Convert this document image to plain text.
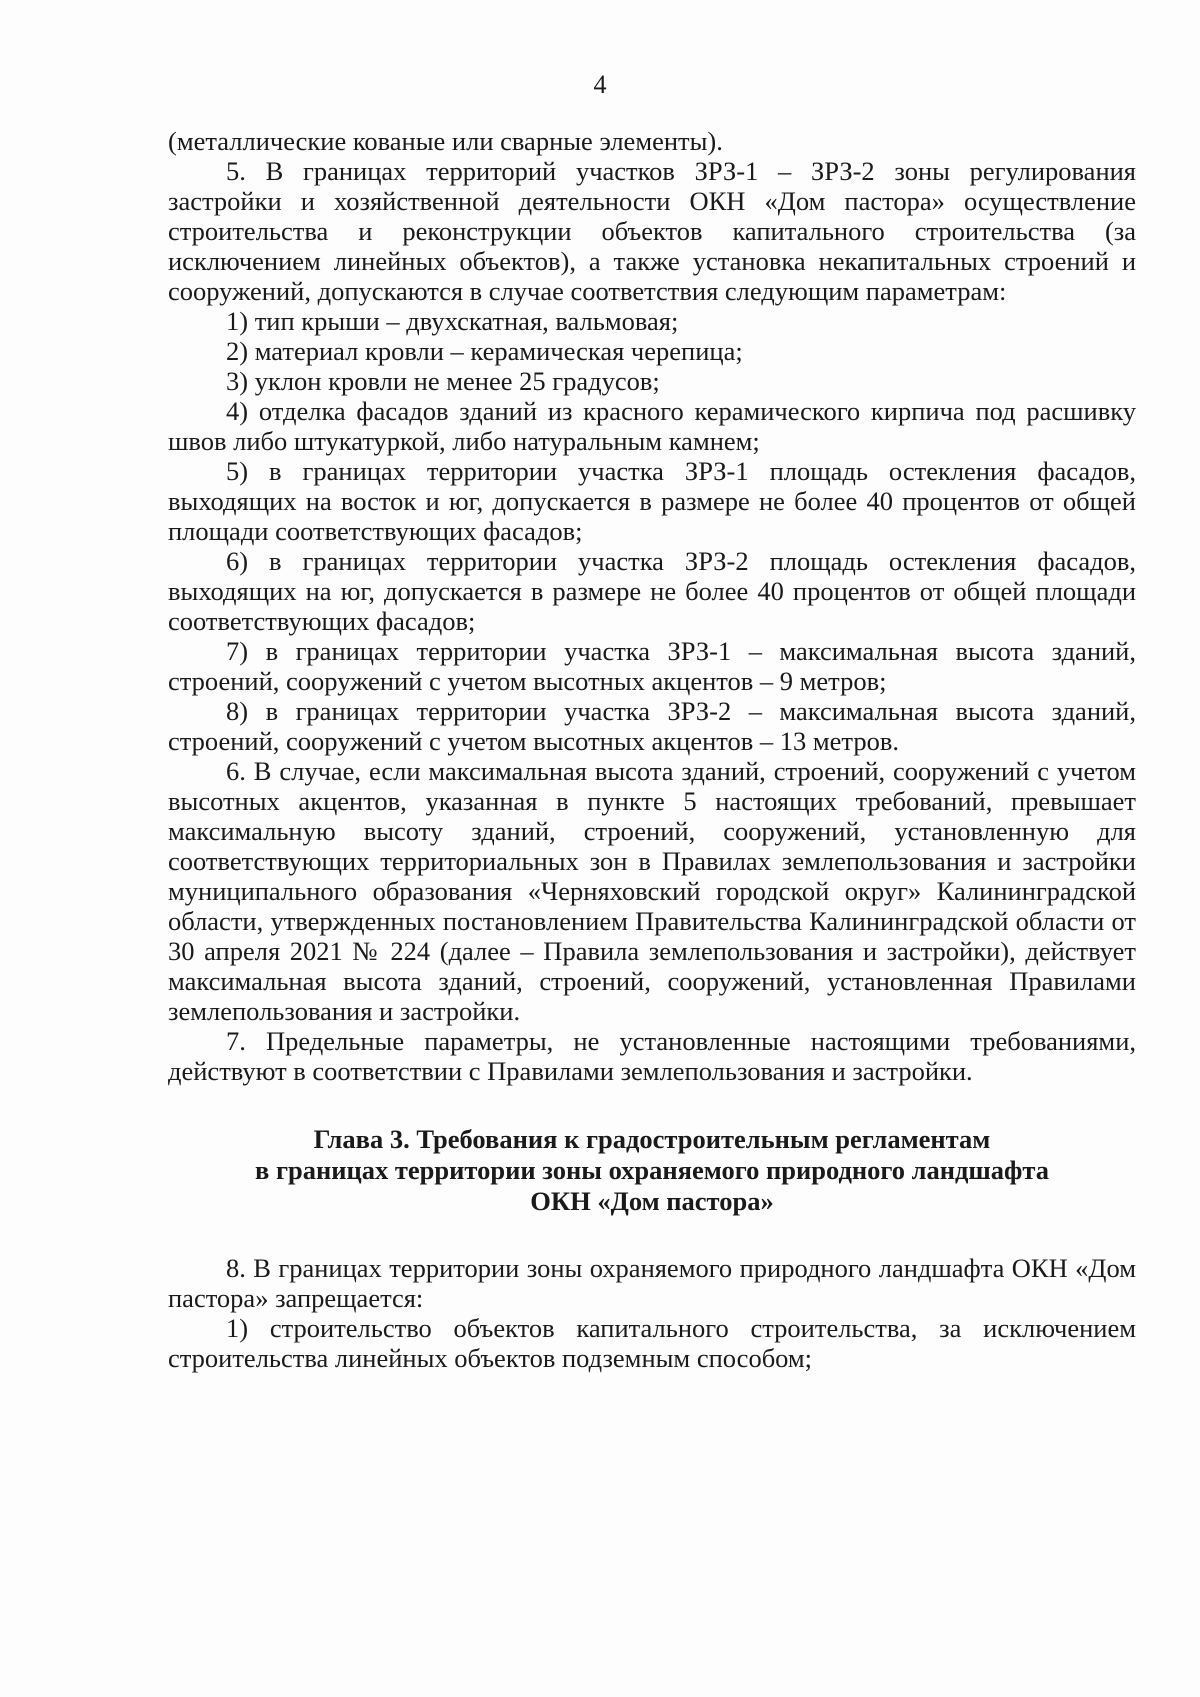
4

(металлические кованые или сварные элементы).

5. В границах территорий участков ЗРЗ-1 – ЗРЗ-2 зоны регулирования застройки и хозяйственной деятельности ОКН «Дом пастора» осуществление строительства и реконструкции объектов капитального строительства (за исключением линейных объектов), а также установка некапитальных строений и сооружений, допускаются в случае соответствия следующим параметрам:

1) тип крыши – двухскатная, вальмовая;

2) материал кровли – керамическая черепица;

3) уклон кровли не менее 25 градусов;

4) отделка фасадов зданий из красного керамического кирпича под расшивку швов либо штукатуркой, либо натуральным камнем;

5) в границах территории участка ЗРЗ-1 площадь остекления фасадов, выходящих на восток и юг, допускается в размере не более 40 процентов от общей площади соответствующих фасадов;

6) в границах территории участка ЗРЗ-2 площадь остекления фасадов, выходящих на юг, допускается в размере не более 40 процентов от общей площади соответствующих фасадов;

7) в границах территории участка ЗРЗ-1 – максимальная высота зданий, строений, сооружений с учетом высотных акцентов – 9 метров;

8) в границах территории участка ЗРЗ-2 – максимальная высота зданий, строений, сооружений с учетом высотных акцентов – 13 метров.

6. В случае, если максимальная высота зданий, строений, сооружений с учетом высотных акцентов, указанная в пункте 5 настоящих требований, превышает максимальную высоту зданий, строений, сооружений, установленную для соответствующих территориальных зон в Правилах землепользования и застройки муниципального образования «Черняховский городской округ» Калининградской области, утвержденных постановлением Правительства Калининградской области от 30 апреля 2021 № 224 (далее – Правила землепользования и застройки), действует максимальная высота зданий, строений, сооружений, установленная Правилами землепользования и застройки.

7. Предельные параметры, не установленные настоящими требованиями, действуют в соответствии с Правилами землепользования и застройки.

Глава 3. Требования к градостроительным регламентам
в границах территории зоны охраняемого природного ландшафта
ОКН «Дом пастора»

8. В границах территории зоны охраняемого природного ландшафта ОКН «Дом пастора» запрещается:

1) строительство объектов капитального строительства, за исключением строительства линейных объектов подземным способом;
